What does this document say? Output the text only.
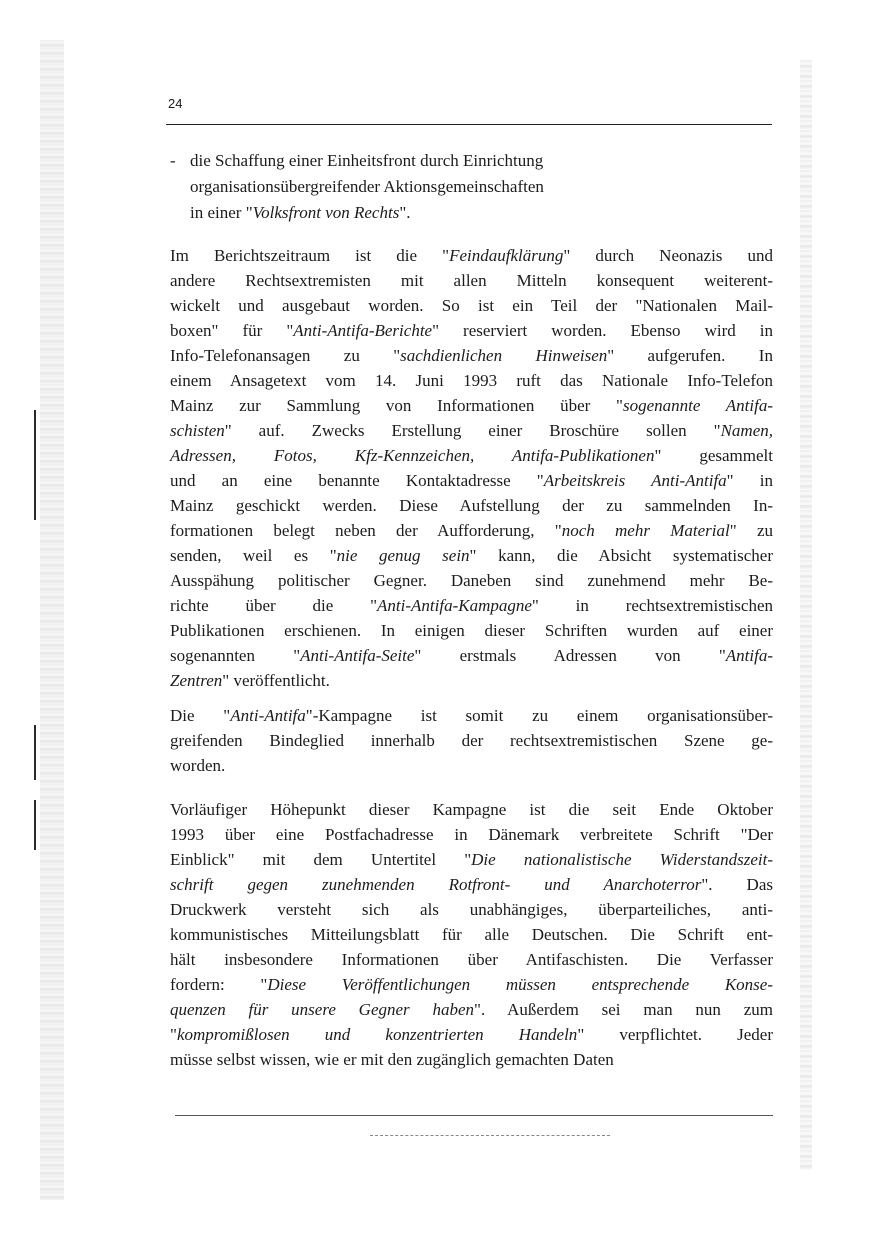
24
- die Schaffung einer Einheitsfront durch Einrichtung
organisationsübergreifender Aktionsgemeinschaften
in einer "Volksfront von Rechts".
Im Berichtszeitraum ist die "Feindaufklärung" durch Neonazis und
andere Rechtsextremisten mit allen Mitteln konsequent weiterent-
wickelt und ausgebaut worden. So ist ein Teil der "Nationalen Mail-
boxen" für "Anti-Antifa-Berichte" reserviert worden. Ebenso wird in
Info-Telefonansagen zu "sachdienlichen Hinweisen" aufgerufen. In
einem Ansagetext vom 14. Juni 1993 ruft das Nationale Info-Telefon
Mainz zur Sammlung von Informationen über "sogenannte Antifa-
schisten" auf. Zwecks Erstellung einer Broschüre sollen "Namen,
Adressen, Fotos, Kfz-Kennzeichen, Antifa-Publikationen" gesammelt
und an eine benannte Kontaktadresse "Arbeitskreis Anti-Antifa" in
Mainz geschickt werden. Diese Aufstellung der zu sammelnden In-
formationen belegt neben der Aufforderung, "noch mehr Material" zu
senden, weil es "nie genug sein" kann, die Absicht systematischer
Ausspähung politischer Gegner. Daneben sind zunehmend mehr Be-
richte über die "Anti-Antifa-Kampagne" in rechtsextremistischen
Publikationen erschienen. In einigen dieser Schriften wurden auf einer
sogenannten "Anti-Antifa-Seite" erstmals Adressen von "Antifa-
Zentren" veröffentlicht.
Die "Anti-Antifa"-Kampagne ist somit zu einem organisationsüber-
greifenden Bindeglied innerhalb der rechtsextremistischen Szene ge-
worden.
Vorläufiger Höhepunkt dieser Kampagne ist die seit Ende Oktober
1993 über eine Postfachadresse in Dänemark verbreitete Schrift "Der
Einblick" mit dem Untertitel "Die nationalistische Widerstandszeit-
schrift gegen zunehmenden Rotfront- und Anarchoterror". Das
Druckwerk versteht sich als unabhängiges, überparteiliches, anti-
kommunistisches Mitteilungsblatt für alle Deutschen. Die Schrift ent-
hält insbesondere Informationen über Antifaschisten. Die Verfasser
fordern: "Diese Veröffentlichungen müssen entsprechende Konse-
quenzen für unsere Gegner haben". Außerdem sei man nun zum
"kompromißlosen und konzentrierten Handeln" verpflichtet. Jeder
müsse selbst wissen, wie er mit den zugänglich gemachten Daten
